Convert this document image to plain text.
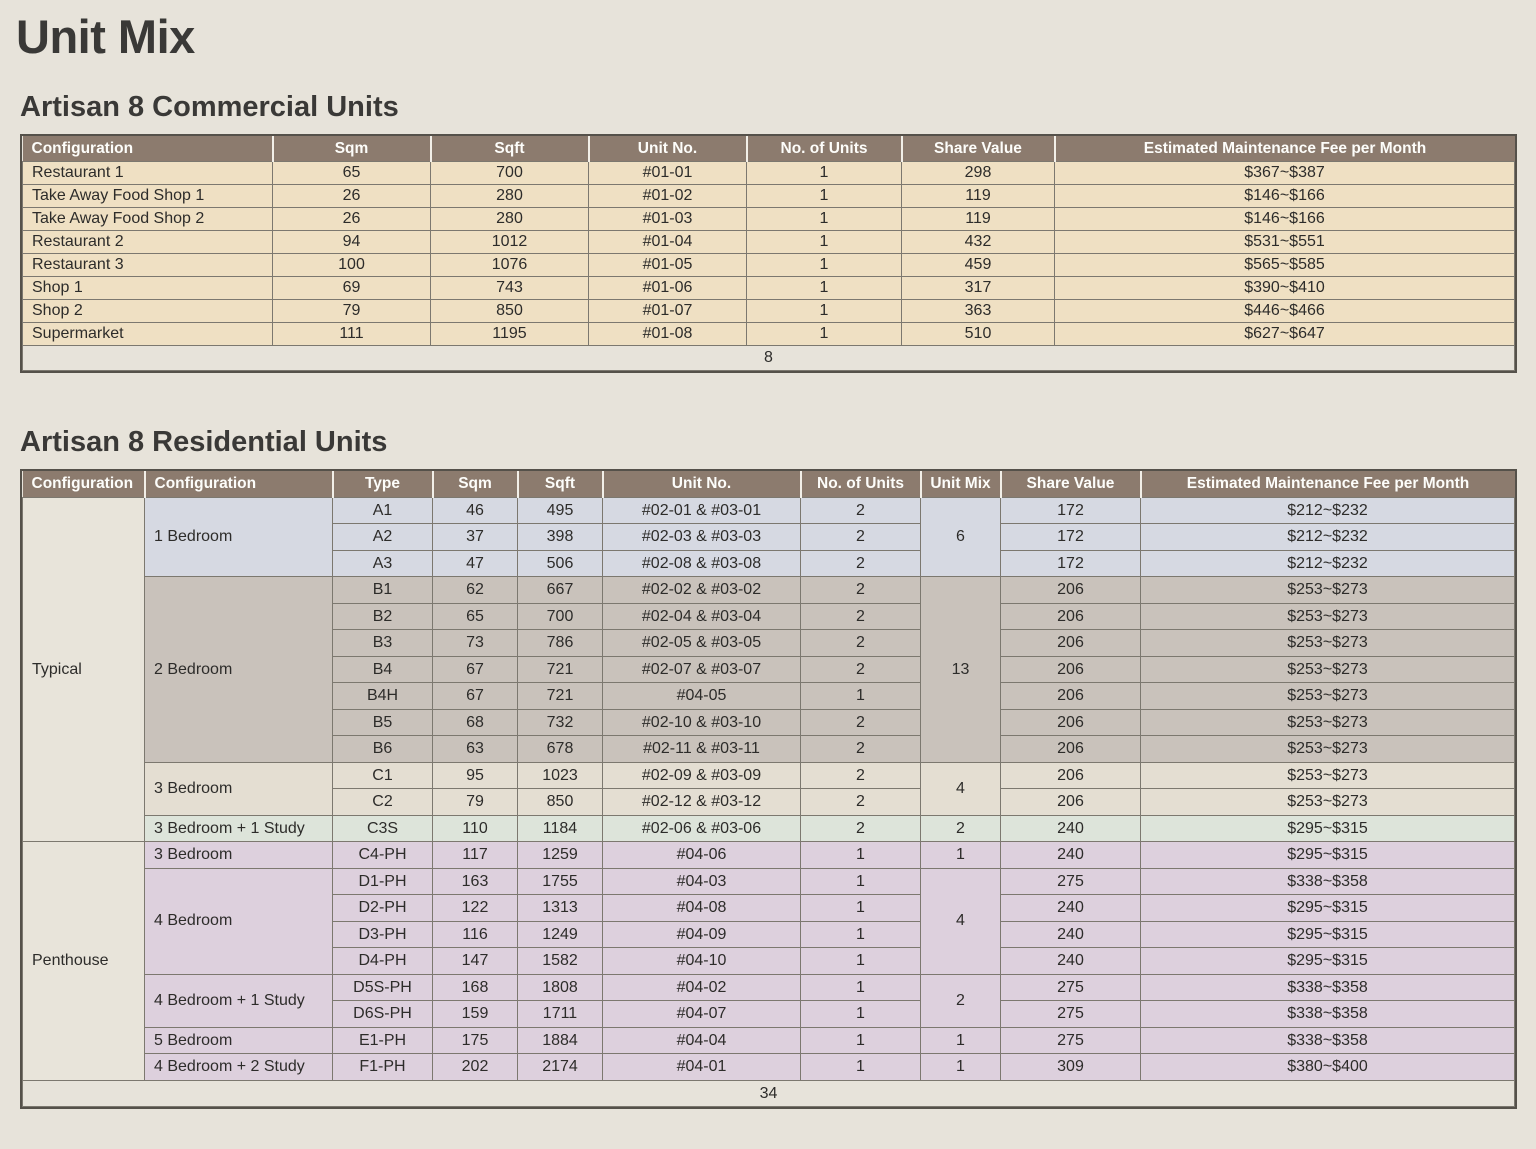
Unit Mix
Artisan 8 Commercial Units
Configuration	Sqm	Sqft	Unit No.	No. of Units	Share Value	Estimated Maintenance Fee per Month
Restaurant 1	65	700	#01-01	1	298	$367~$387
Take Away Food Shop 1	26	280	#01-02	1	119	$146~$166
Take Away Food Shop 2	26	280	#01-03	1	119	$146~$166
Restaurant 2	94	1012	#01-04	1	432	$531~$551
Restaurant 3	100	1076	#01-05	1	459	$565~$585
Shop 1	69	743	#01-06	1	317	$390~$410
Shop 2	79	850	#01-07	1	363	$446~$466
Supermarket	111	1195	#01-08	1	510	$627~$647
8						
Artisan 8 Residential Units
Configuration	Configuration	Type	Sqm	Sqft	Unit No.	No. of Units	Unit Mix	Share Value	Estimated Maintenance Fee per Month
Typical	1 Bedroom	A1	46	495	#02-01 & #03-01	2	6	172	$212~$232
		A2	37	398	#02-03 & #03-03	2		172	$212~$232
		A3	47	506	#02-08 & #03-08	2		172	$212~$232
	2 Bedroom	B1	62	667	#02-02 & #03-02	2	13	206	$253~$273
		B2	65	700	#02-04 & #03-04	2		206	$253~$273
		B3	73	786	#02-05 & #03-05	2		206	$253~$273
		B4	67	721	#02-07 & #03-07	2		206	$253~$273
		B4H	67	721	#04-05	1		206	$253~$273
		B5	68	732	#02-10 & #03-10	2		206	$253~$273
		B6	63	678	#02-11 & #03-11	2		206	$253~$273
	3 Bedroom	C1	95	1023	#02-09 & #03-09	2	4	206	$253~$273
		C2	79	850	#02-12 & #03-12	2		206	$253~$273
	3 Bedroom + 1 Study	C3S	110	1184	#02-06 & #03-06	2	2	240	$295~$315
Penthouse	3 Bedroom	C4-PH	117	1259	#04-06	1	1	240	$295~$315
	4 Bedroom	D1-PH	163	1755	#04-03	1	4	275	$338~$358
		D2-PH	122	1313	#04-08	1		240	$295~$315
		D3-PH	116	1249	#04-09	1		240	$295~$315
		D4-PH	147	1582	#04-10	1		240	$295~$315
	4 Bedroom + 1 Study	D5S-PH	168	1808	#04-02	1	2	275	$338~$358
		D6S-PH	159	1711	#04-07	1		275	$338~$358
	5 Bedroom	E1-PH	175	1884	#04-04	1	1	275	$338~$358
	4 Bedroom + 2 Study	F1-PH	202	2174	#04-01	1	1	309	$380~$400
34									
